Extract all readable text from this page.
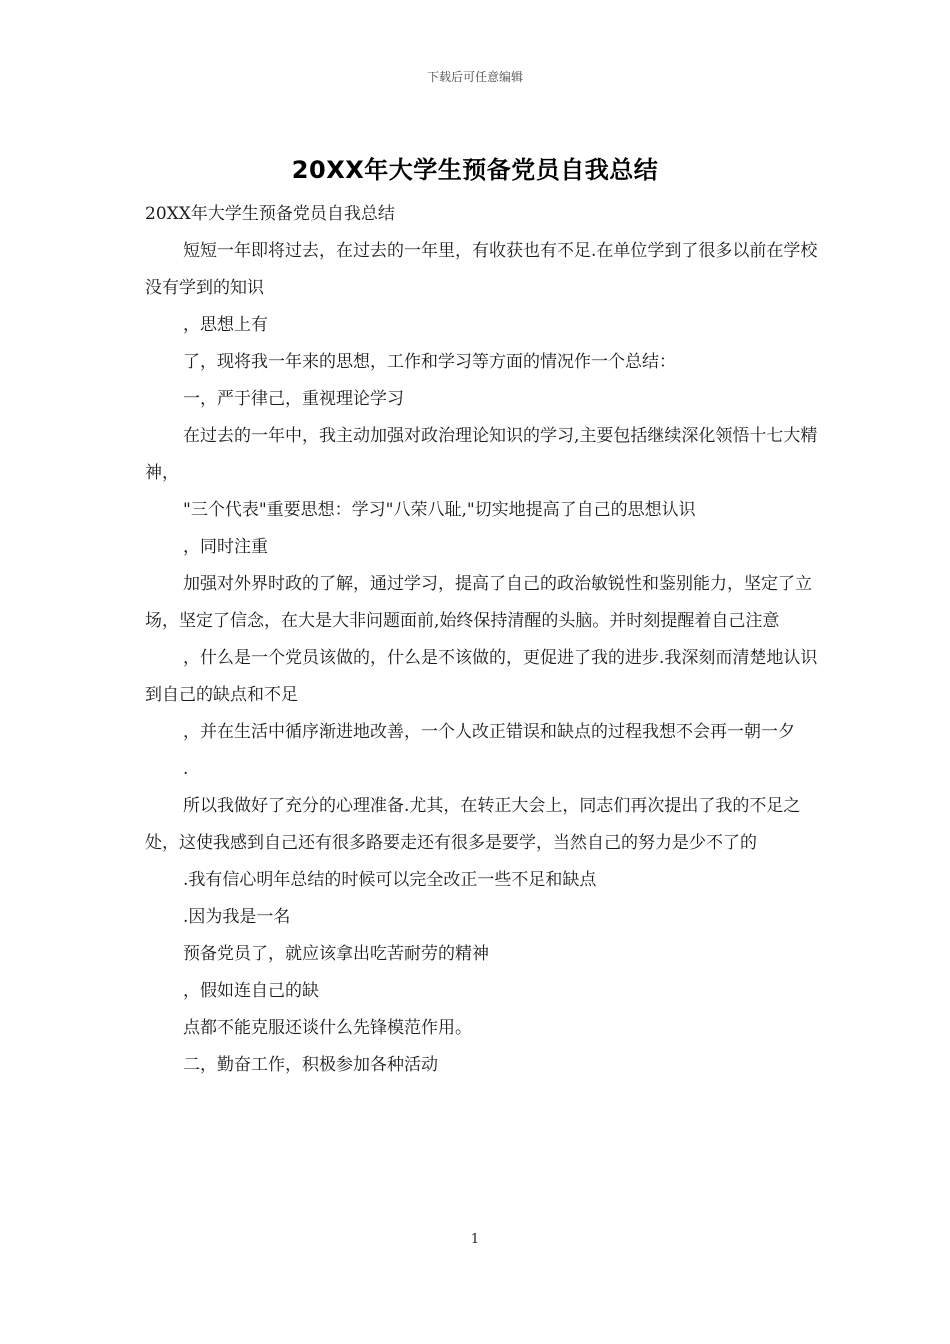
下载后可任意编辑
20XX年大学生预备党员自我总结

20XX年大学生预备党员自我总结

短短一年即将过去，在过去的一年里，有收获也有不足.在单位学到了很多以前在学校没有学到的知识

，思想上有

了，现将我一年来的思想，工作和学习等方面的情况作一个总结：

一，严于律己，重视理论学习

在过去的一年中，我主动加强对政治理论知识的学习,主要包括继续深化领悟十七大精神，

"三个代表"重要思想：学习"八荣八耻,"切实地提高了自己的思想认识

，同时注重

加强对外界时政的了解，通过学习，提高了自己的政治敏锐性和鉴别能力，坚定了立场，坚定了信念，在大是大非问题面前,始终保持清醒的头脑。并时刻提醒着自己注意

，什么是一个党员该做的，什么是不该做的，更促进了我的进步.我深刻而清楚地认识到自己的缺点和不足

，并在生活中循序渐进地改善，一个人改正错误和缺点的过程我想不会再一朝一夕

.

所以我做好了充分的心理准备.尤其，在转正大会上，同志们再次提出了我的不足之处，这使我感到自己还有很多路要走还有很多是要学，当然自己的努力是少不了的

.我有信心明年总结的时候可以完全改正一些不足和缺点

.因为我是一名

预备党员了，就应该拿出吃苦耐劳的精神

，假如连自己的缺

点都不能克服还谈什么先锋模范作用。

二，勤奋工作，积极参加各种活动

1
